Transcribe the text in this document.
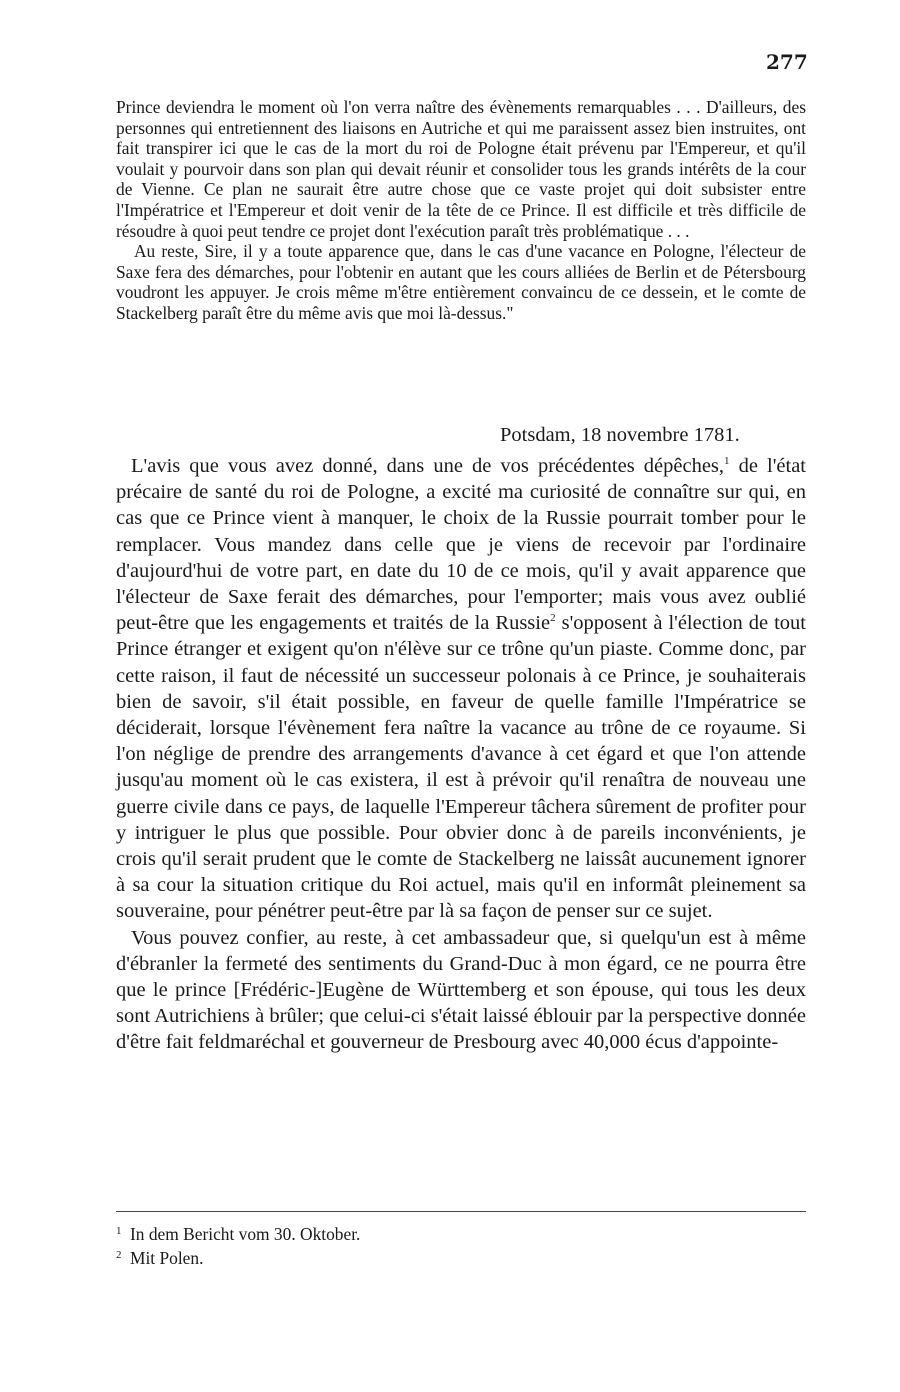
277

Prince deviendra le moment où l'on verra naître des évènements remarquables . . . D'ailleurs, des personnes qui entretiennent des liaisons en Autriche et qui me paraissent assez bien instruites, ont fait transpirer ici que le cas de la mort du roi de Pologne était prévenu par l'Empereur, et qu'il voulait y pourvoir dans son plan qui devait réunir et consolider tous les grands intérêts de la cour de Vienne. Ce plan ne saurait être autre chose que ce vaste projet qui doit subsister entre l'Impératrice et l'Empereur et doit venir de la tête de ce Prince. Il est difficile et très difficile de résoudre à quoi peut tendre ce projet dont l'exécution paraît très problématique . . .

Au reste, Sire, il y a toute apparence que, dans le cas d'une vacance en Pologne, l'électeur de Saxe fera des démarches, pour l'obtenir en autant que les cours alliées de Berlin et de Pétersbourg voudront les appuyer. Je crois même m'être entièrement convaincu de ce dessein, et le comte de Stackelberg paraît être du même avis que moi là-dessus."

Potsdam, 18 novembre 1781.

L'avis que vous avez donné, dans une de vos précédentes dépêches,$^1$ de l'état précaire de santé du roi de Pologne, a excité ma curiosité de connaître sur qui, en cas que ce Prince vient à manquer, le choix de la Russie pourrait tomber pour le remplacer. Vous mandez dans celle que je viens de recevoir par l'ordinaire d'aujourd'hui de votre part, en date du 10 de ce mois, qu'il y avait apparence que l'électeur de Saxe ferait des démarches, pour l'emporter; mais vous avez oublié peut-être que les engagements et traités de la Russie$^2$ s'opposent à l'élection de tout Prince étranger et exigent qu'on n'élève sur ce trône qu'un piaste. Comme donc, par cette raison, il faut de nécessité un successeur polonais à ce Prince, je souhaiterais bien de savoir, s'il était possible, en faveur de quelle famille l'Impératrice se déciderait, lorsque l'évènement fera naître la vacance au trône de ce royaume. Si l'on néglige de prendre des arrangements d'avance à cet égard et que l'on attende jusqu'au moment où le cas existera, il est à prévoir qu'il renaîtra de nouveau une guerre civile dans ce pays, de laquelle l'Empereur tâchera sûrement de profiter pour y intriguer le plus que possible. Pour obvier donc à de pareils inconvénients, je crois qu'il serait prudent que le comte de Stackelberg ne laissât aucunement ignorer à sa cour la situation critique du Roi actuel, mais qu'il en informât pleinement sa souveraine, pour pénétrer peut-être par là sa façon de penser sur ce sujet.

Vous pouvez confier, au reste, à cet ambassadeur que, si quelqu'un est à même d'ébranler la fermeté des sentiments du Grand-Duc à mon égard, ce ne pourra être que le prince [Frédéric-]Eugène de Württemberg et son épouse, qui tous les deux sont Autrichiens à brûler; que celui-ci s'était laissé éblouir par la perspective donnée d'être fait feldmaréchal et gouverneur de Presbourg avec 40,000 écus d'appointe-

1 In dem Bericht vom 30. Oktober.
2 Mit Polen.
